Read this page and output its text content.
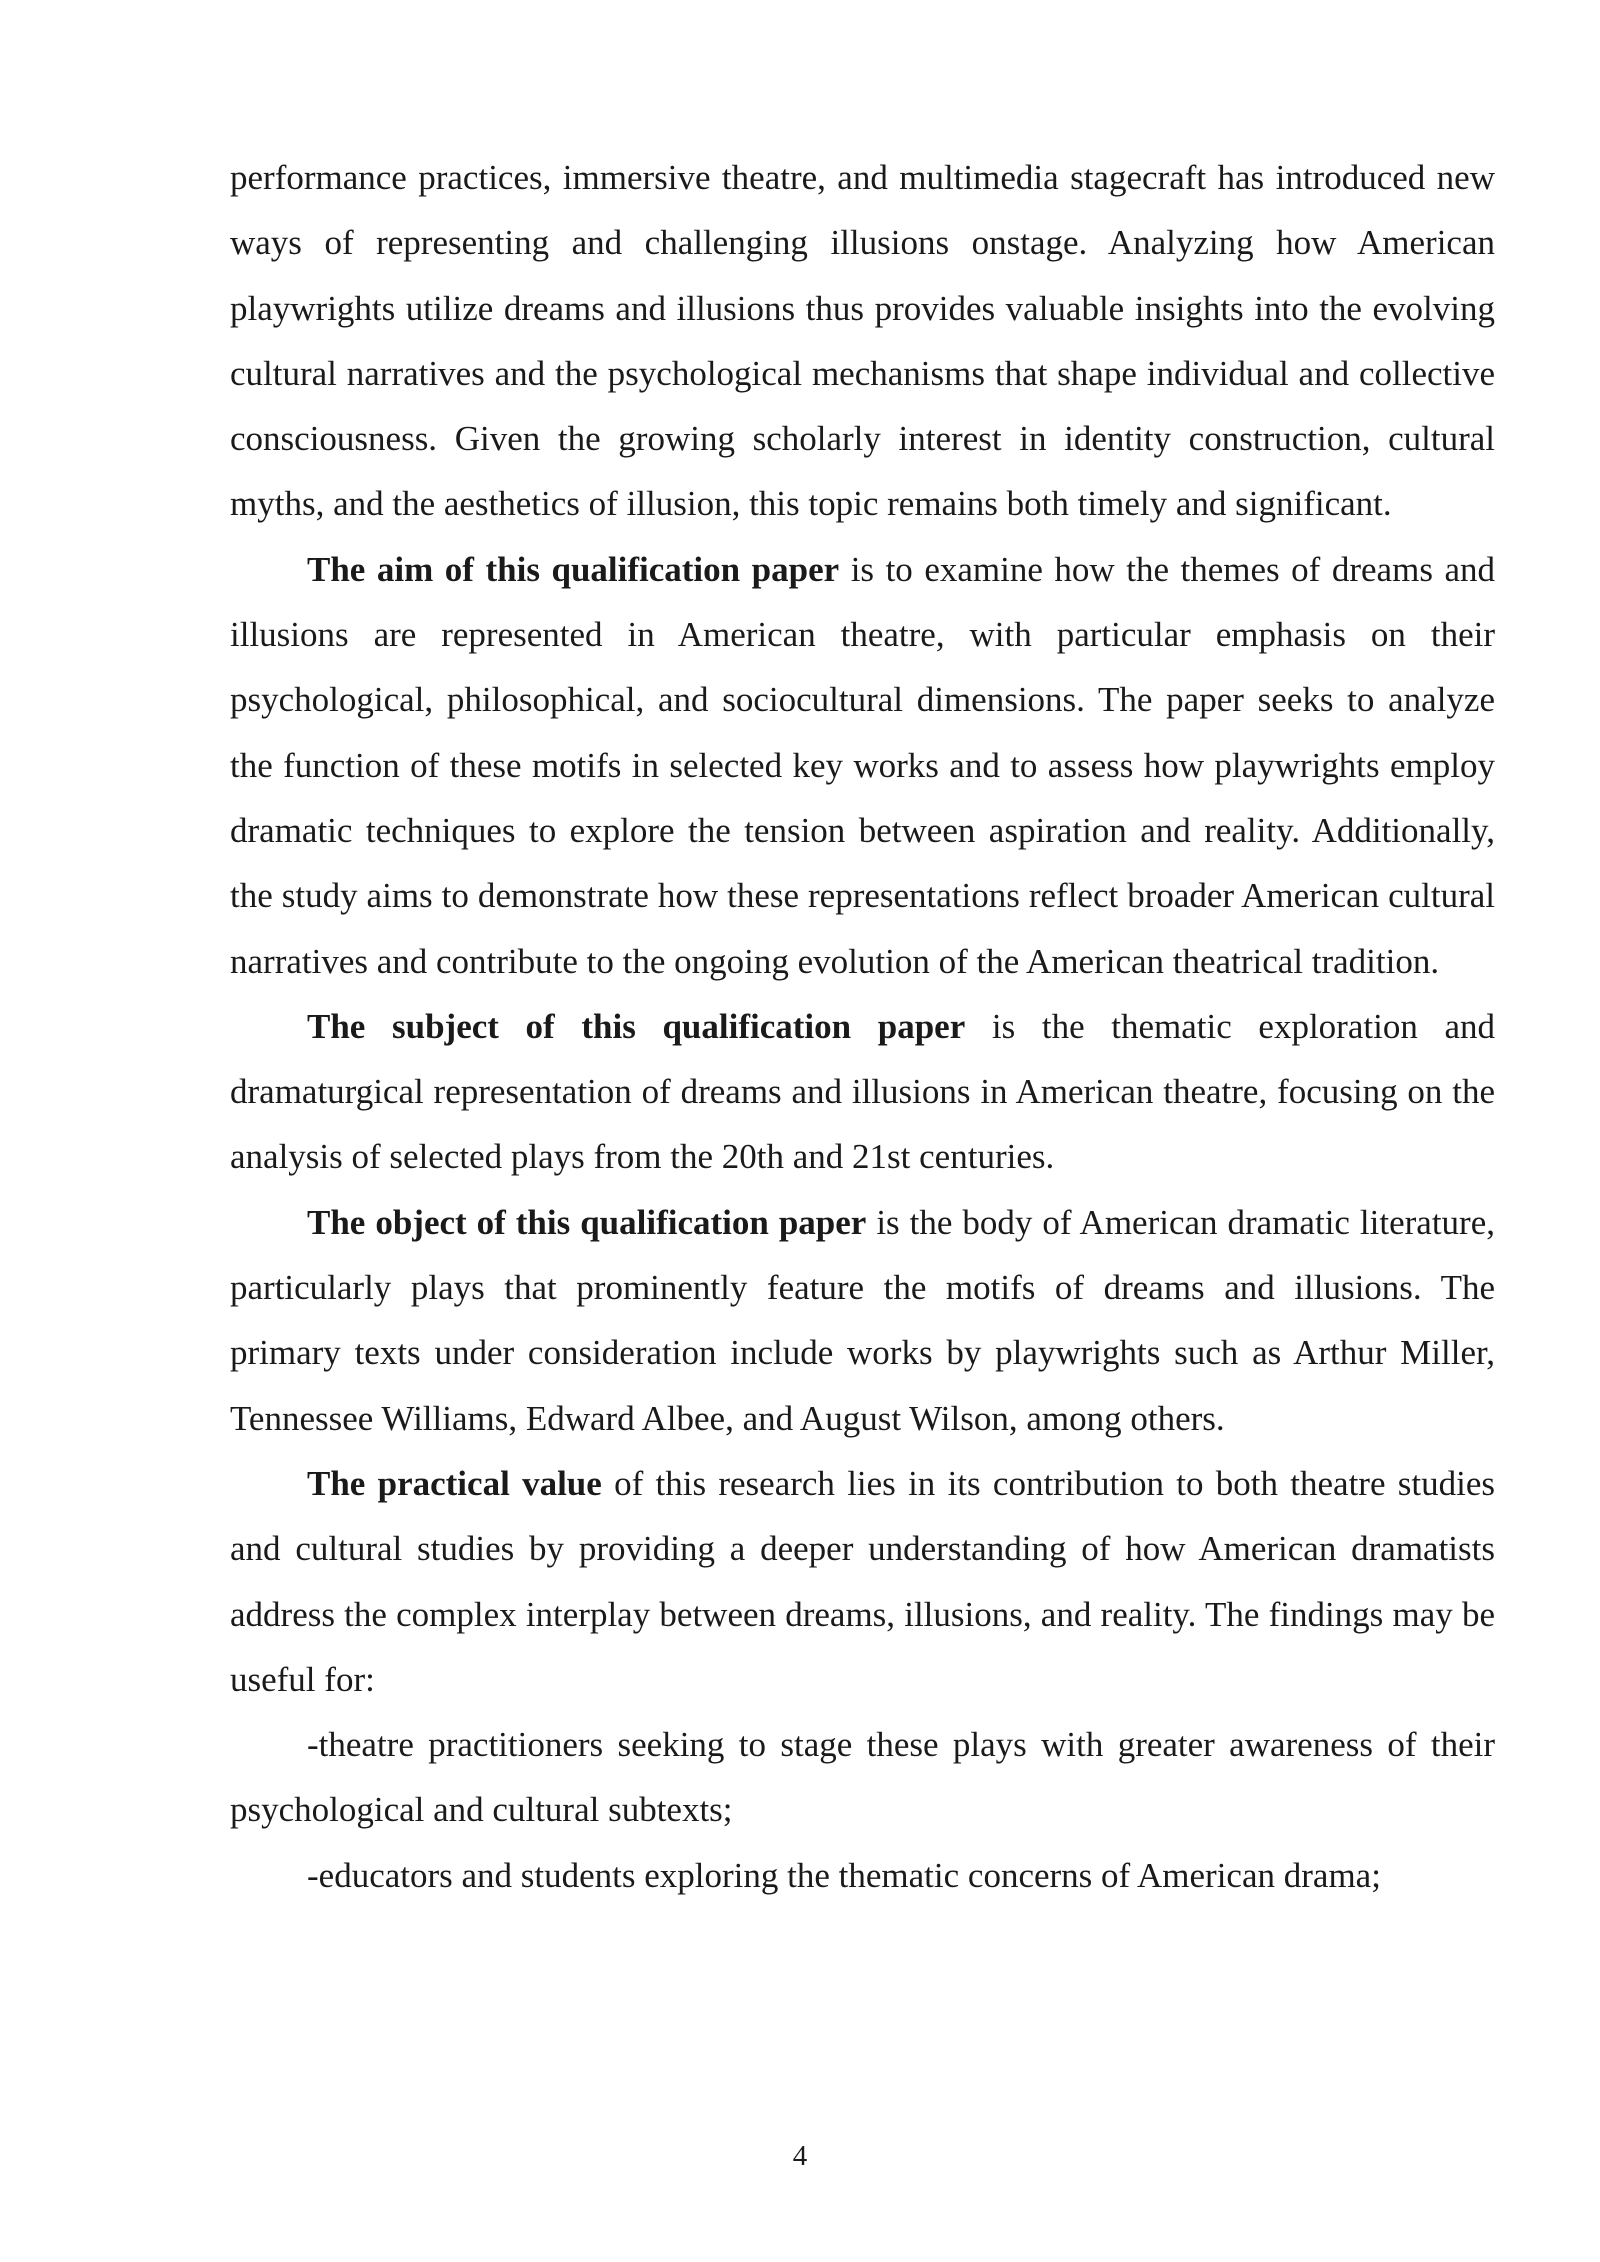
performance practices, immersive theatre, and multimedia stagecraft has introduced new ways of representing and challenging illusions onstage. Analyzing how American playwrights utilize dreams and illusions thus provides valuable insights into the evolving cultural narratives and the psychological mechanisms that shape individual and collective consciousness. Given the growing scholarly interest in identity construction, cultural myths, and the aesthetics of illusion, this topic remains both timely and significant.

The aim of this qualification paper is to examine how the themes of dreams and illusions are represented in American theatre, with particular emphasis on their psychological, philosophical, and sociocultural dimensions. The paper seeks to analyze the function of these motifs in selected key works and to assess how playwrights employ dramatic techniques to explore the tension between aspiration and reality. Additionally, the study aims to demonstrate how these representations reflect broader American cultural narratives and contribute to the ongoing evolution of the American theatrical tradition.

The subject of this qualification paper is the thematic exploration and dramaturgical representation of dreams and illusions in American theatre, focusing on the analysis of selected plays from the 20th and 21st centuries.

The object of this qualification paper is the body of American dramatic literature, particularly plays that prominently feature the motifs of dreams and illusions. The primary texts under consideration include works by playwrights such as Arthur Miller, Tennessee Williams, Edward Albee, and August Wilson, among others.

The practical value of this research lies in its contribution to both theatre studies and cultural studies by providing a deeper understanding of how American dramatists address the complex interplay between dreams, illusions, and reality. The findings may be useful for:

-theatre practitioners seeking to stage these plays with greater awareness of their psychological and cultural subtexts;

-educators and students exploring the thematic concerns of American drama;

4
